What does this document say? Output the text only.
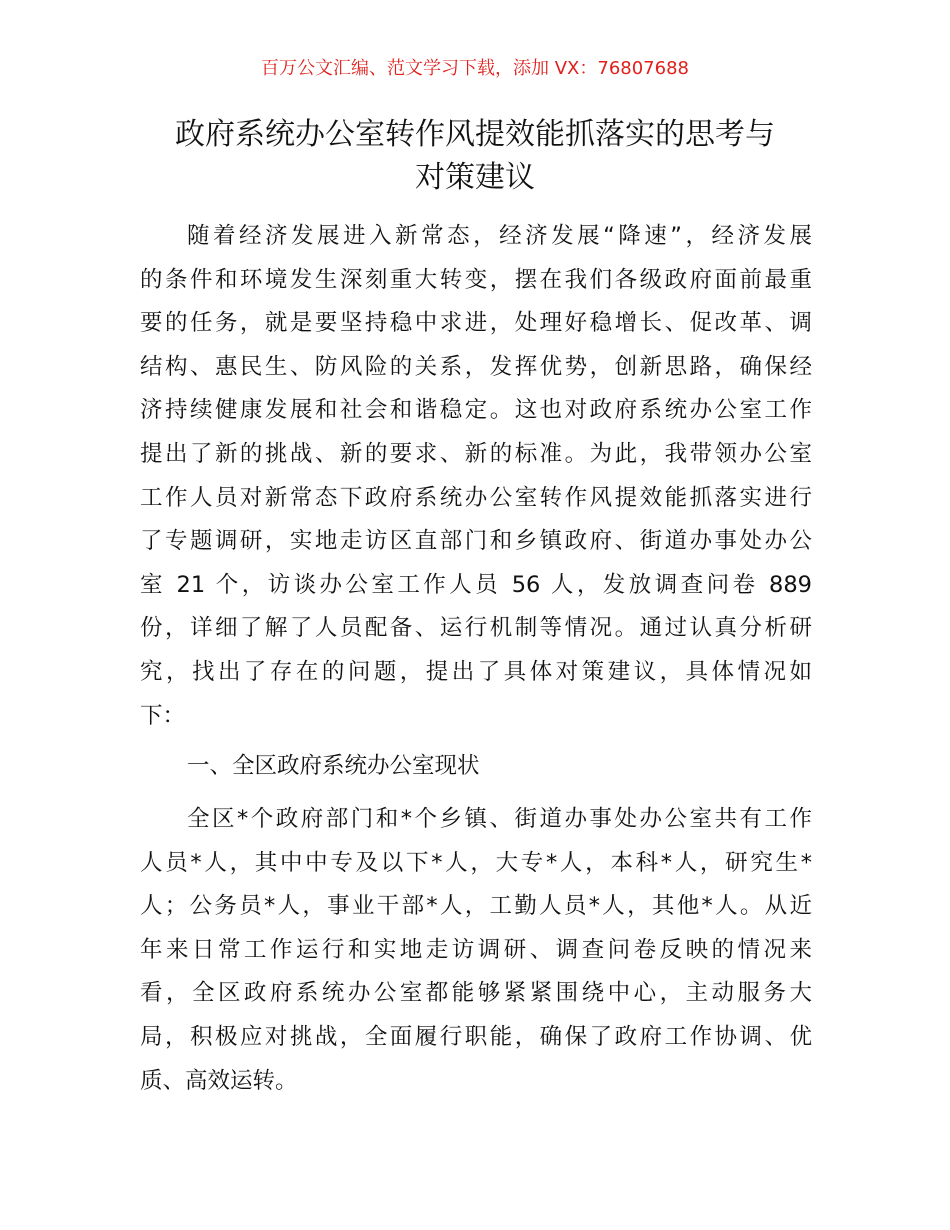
百万公文汇编、范文学习下载，添加 VX：76807688
政府系统办公室转作风提效能抓落实的思考与
对策建议
随着经济发展进入新常态，经济发展“降速”，经济发展
的条件和环境发生深刻重大转变，摆在我们各级政府面前最重
要的任务，就是要坚持稳中求进，处理好稳增长、促改革、调
结构、惠民生、防风险的关系，发挥优势，创新思路，确保经
济持续健康发展和社会和谐稳定。这也对政府系统办公室工作
提出了新的挑战、新的要求、新的标准。为此，我带领办公室
工作人员对新常态下政府系统办公室转作风提效能抓落实进行
了专题调研，实地走访区直部门和乡镇政府、街道办事处办公
室 21 个，访谈办公室工作人员 56 人，发放调查问卷 889
份，详细了解了人员配备、运行机制等情况。通过认真分析研
究，找出了存在的问题，提出了具体对策建议，具体情况如
下：
一、全区政府系统办公室现状
全区*个政府部门和*个乡镇、街道办事处办公室共有工作
人员*人，其中中专及以下*人，大专*人，本科*人，研究生*
人；公务员*人，事业干部*人，工勤人员*人，其他*人。从近
年来日常工作运行和实地走访调研、调查问卷反映的情况来
看，全区政府系统办公室都能够紧紧围绕中心，主动服务大
局，积极应对挑战，全面履行职能，确保了政府工作协调、优
质、高效运转。
